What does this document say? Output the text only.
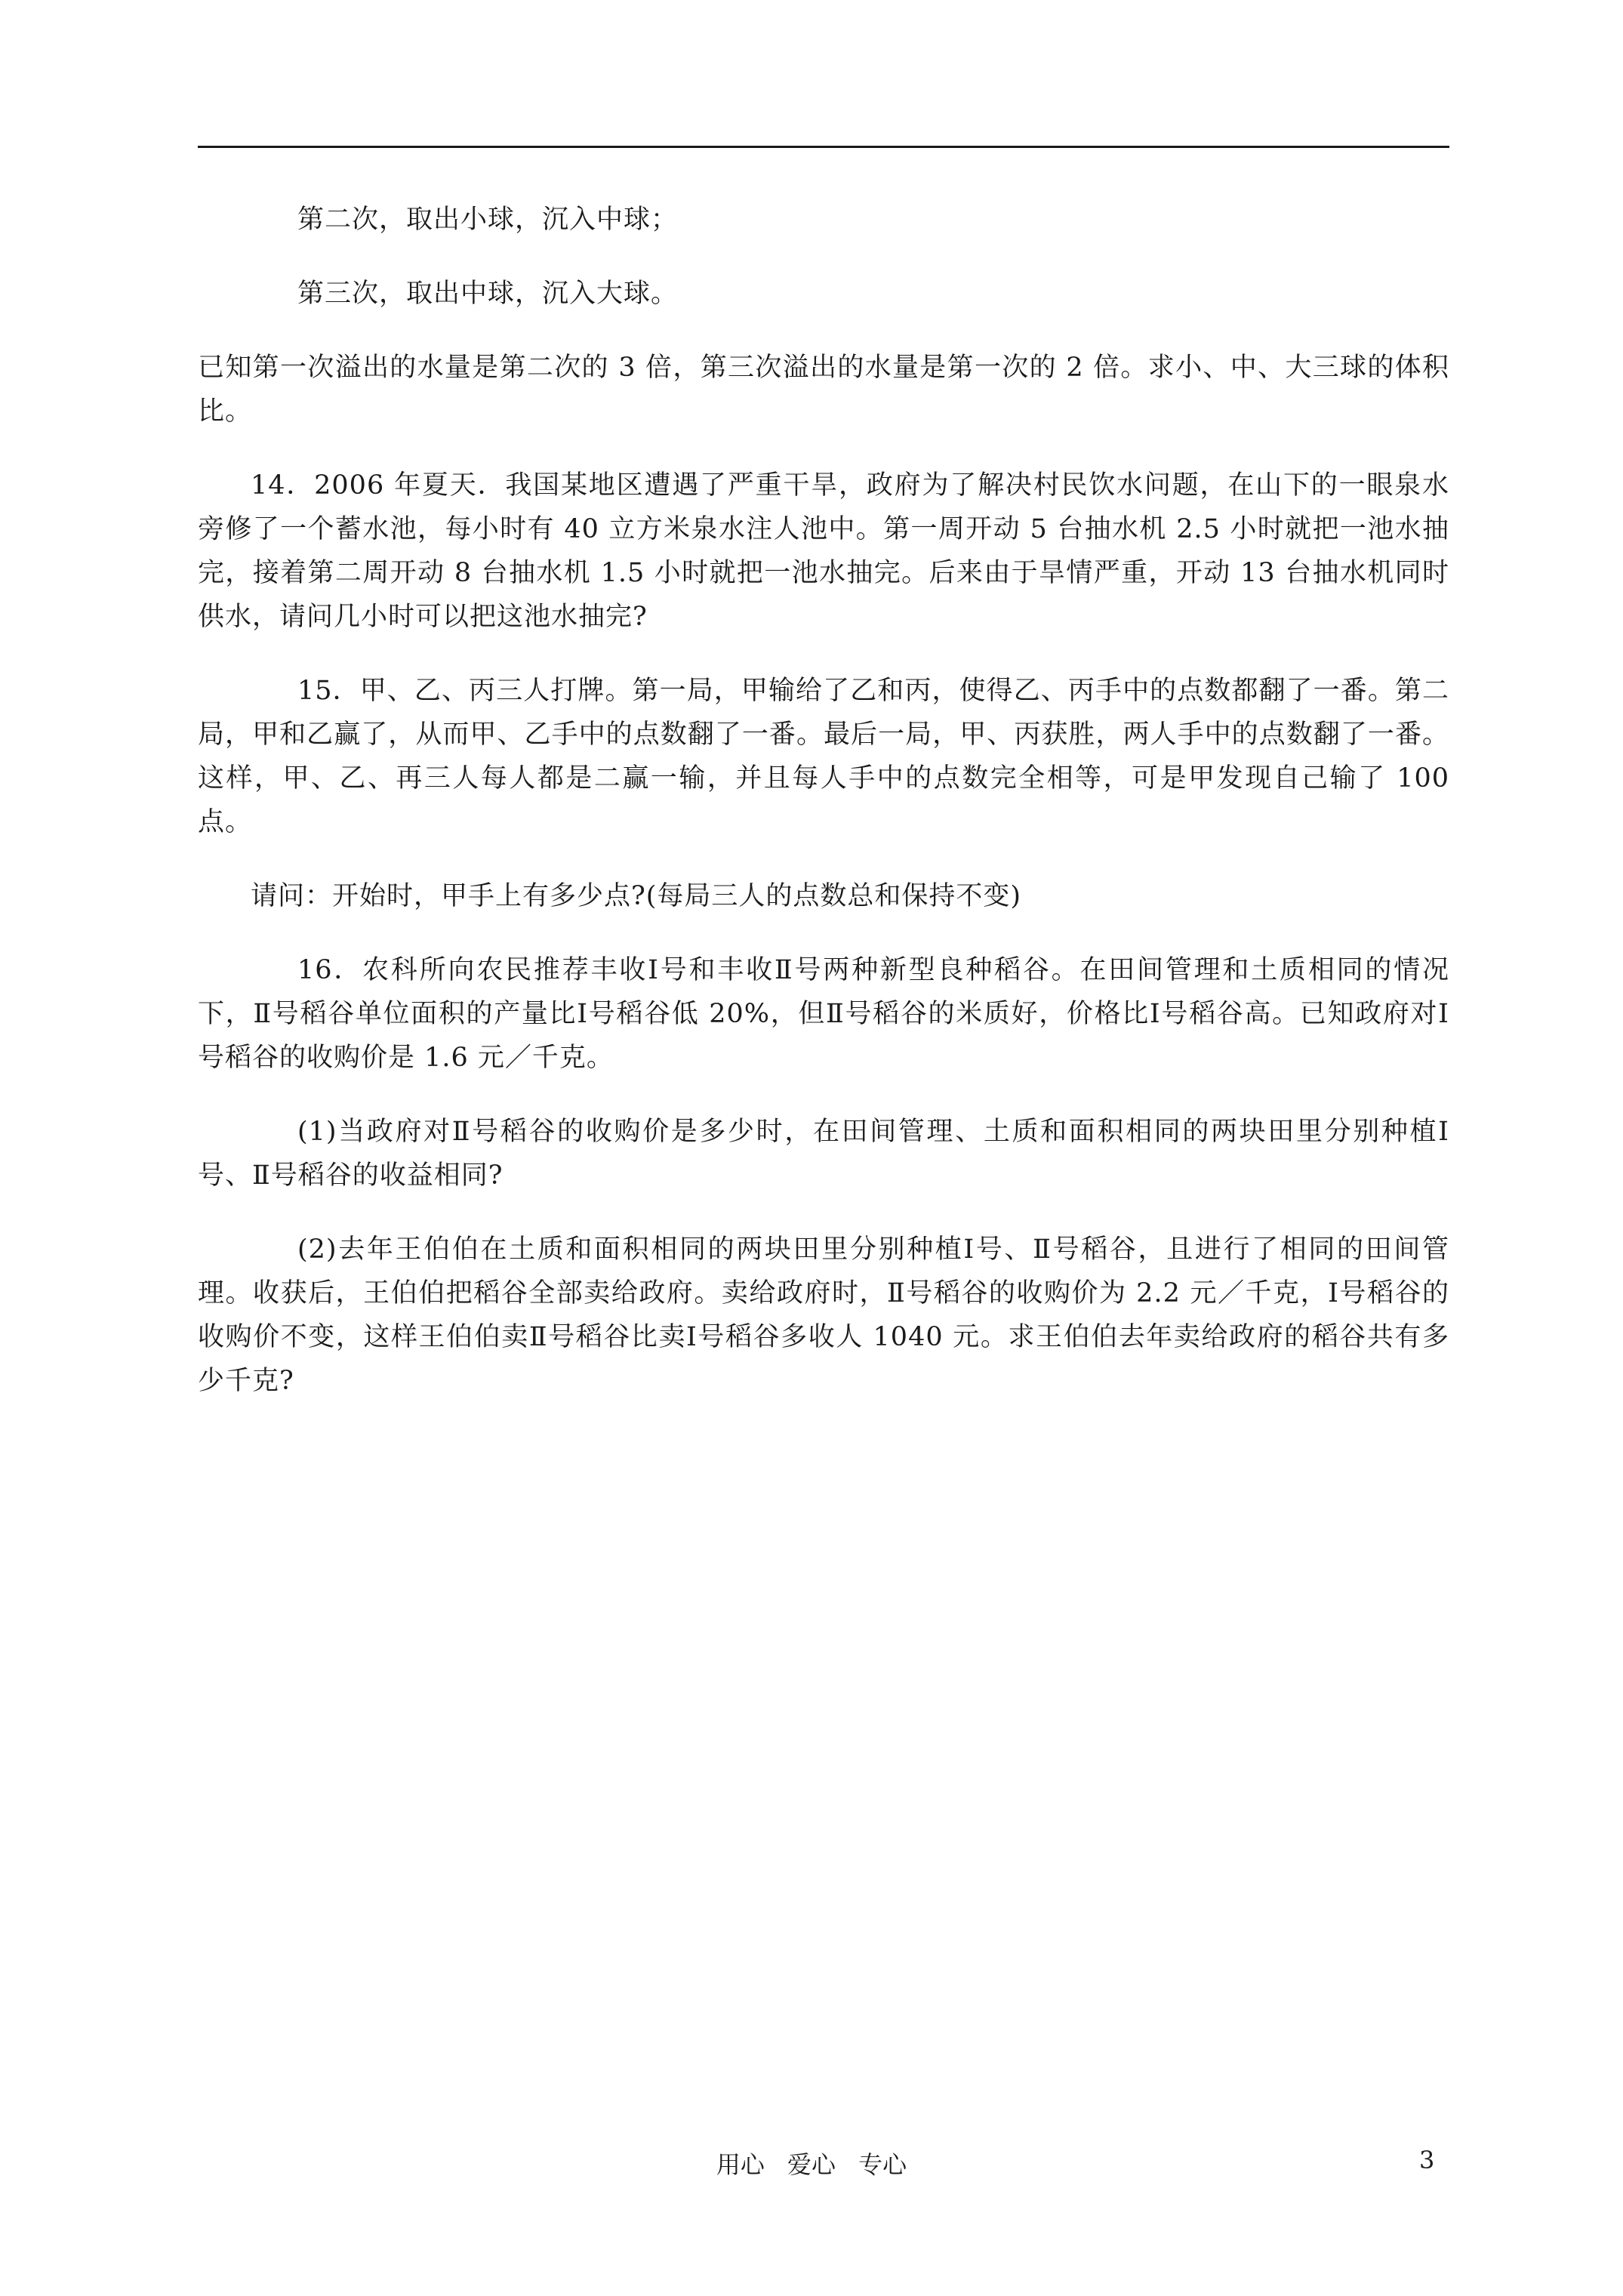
第二次，取出小球，沉入中球；

第三次，取出中球，沉入大球。

已知第一次溢出的水量是第二次的 3 倍，第三次溢出的水量是第一次的 2 倍。求小、中、大三球的体积比。

14．2006 年夏天．我国某地区遭遇了严重干旱，政府为了解决村民饮水问题，在山下的一眼泉水旁修了一个蓄水池，每小时有 40 立方米泉水注人池中。第一周开动 5 台抽水机 2.5 小时就把一池水抽完，接着第二周开动 8 台抽水机 1.5 小时就把一池水抽完。后来由于旱情严重，开动 13 台抽水机同时供水，请问几小时可以把这池水抽完?

15．甲、乙、丙三人打牌。第一局，甲输给了乙和丙，使得乙、丙手中的点数都翻了一番。第二局，甲和乙赢了，从而甲、乙手中的点数翻了一番。最后一局，甲、丙获胜，两人手中的点数翻了一番。这样，甲、乙、再三人每人都是二赢一输，并且每人手中的点数完全相等，可是甲发现自己输了 100 点。

请问：开始时，甲手上有多少点?(每局三人的点数总和保持不变)

16．农科所向农民推荐丰收Ⅰ号和丰收Ⅱ号两种新型良种稻谷。在田间管理和土质相同的情况下，Ⅱ号稻谷单位面积的产量比Ⅰ号稻谷低 20%，但Ⅱ号稻谷的米质好，价格比Ⅰ号稻谷高。已知政府对Ⅰ号稻谷的收购价是 1.6 元／千克。

(1)当政府对Ⅱ号稻谷的收购价是多少时，在田间管理、土质和面积相同的两块田里分别种植Ⅰ号、Ⅱ号稻谷的收益相同?

(2)去年王伯伯在土质和面积相同的两块田里分别种植Ⅰ号、Ⅱ号稻谷，且进行了相同的田间管理。收获后，王伯伯把稻谷全部卖给政府。卖给政府时，Ⅱ号稻谷的收购价为 2.2 元／千克，Ⅰ号稻谷的收购价不变，这样王伯伯卖Ⅱ号稻谷比卖Ⅰ号稻谷多收人 1040 元。求王伯伯去年卖给政府的稻谷共有多少千克?

用心 爱心 专心	3
